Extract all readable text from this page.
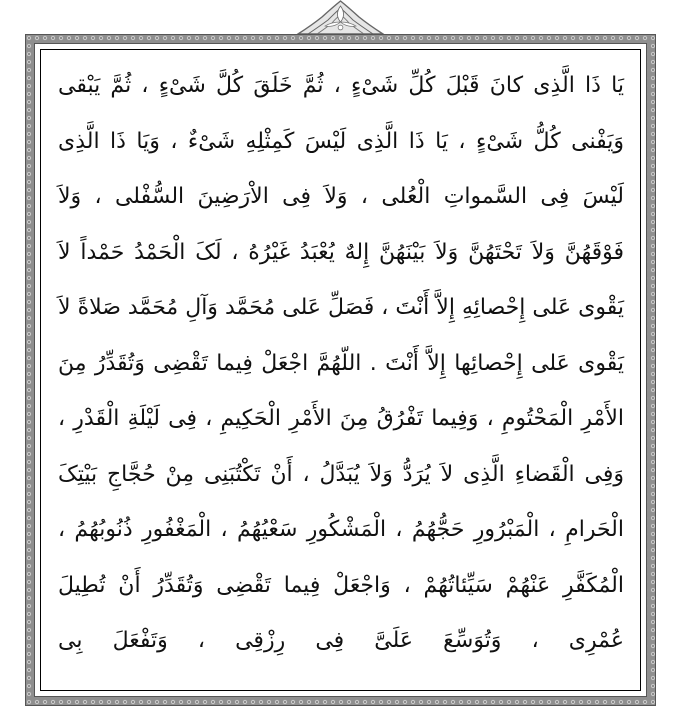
یَا ذَا الَّذِی کانَ قَبْلَ کُلِّ شَیْءٍ ، ثُمَّ خَلَقَ کُلَّ شَیْءٍ ، ثُمَّ یَبْقی وَیَفْنی کُلُّ شَیْءٍ ، یَا ذَا الَّذِی لَیْسَ کَمِثْلِهِ شَیْءٌ ، وَیَا ذَا الَّذِی لَیْسَ فِی السَّمواتِ الْعُلی ، وَلاَ فِی الاْرَضِینَ السُّفْلی ، وَلاَ فَوْقَهُنَّ وَلاَ تَحْتَهُنَّ وَلاَ بَیْنَهُنَّ إِلهٌ یُعْبَدُ غَیْرُهُ ، لَکَ الْحَمْدُ حَمْداً لاَ یَقْوی عَلی إِحْصائِهِ إِلاَّ أَنْتَ ، فَصَلِّ عَلی مُحَمَّد وَآلِ مُحَمَّد صَلاةً لاَ یَقْوی عَلی إِحْصائِها إِلاَّ أَنْتَ . اللّهُمَّ اجْعَلْ فِیما تَقْضِی وَتُقَدِّرُ مِنَ الأَمْرِ الْمَحْتُومِ ، وَفِیما تَفْرُقُ مِنَ الأَمْرِ الْحَکِیمِ ، فِی لَیْلَةِ الْقَدْرِ ، وَفِی الْقَضاءِ الَّذِی لاَ یُرَدُّ وَلاَ یُبَدَّلُ ، أَنْ تَکْتُبَنِی مِنْ حُجَّاجِ بَیْتِکَ الْحَرامِ ، الْمَبْرُورِ حَجُّهُمُ ، الْمَشْکُورِ سَعْیُهُمُ ، الْمَغْفُورِ ذُنُوبُهُمُ ، الْمُکَفَّرِ عَنْهُمْ سَیِّئاتُهُمْ ، وَاجْعَلْ فِیما تَقْضِی وَتُقَدِّرُ أَنْ تُطِیلَ عُمْرِی ، وَتُوَسِّعَ عَلَیَّ فِی رِزْقِی ، وَتَفْعَلَ بِی
